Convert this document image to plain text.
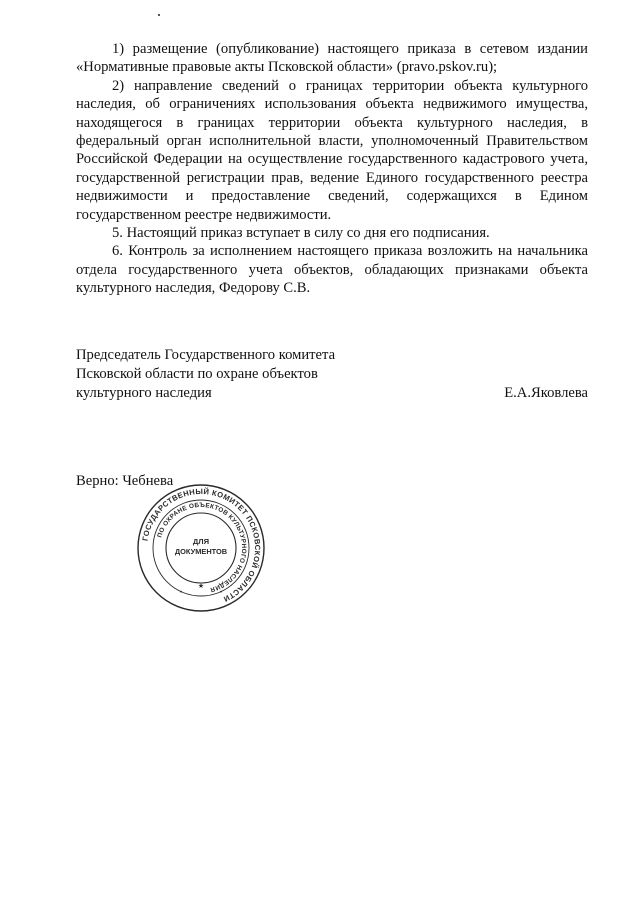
1) размещение (опубликование) настоящего приказа в сетевом издании «Нормативные правовые акты Псковской области» (pravo.pskov.ru);

2) направление сведений о границах территории объекта культурного наследия, об ограничениях использования объекта недвижимого имущества, находящегося в границах территории объекта культурного наследия, в федеральный орган исполнительной власти, уполномоченный Правительством Российской Федерации на осуществление государственного кадастрового учета, государственной регистрации прав, ведение Единого государственного реестра недвижимости и предоставление сведений, содержащихся в Едином государственном реестре недвижимости.

5. Настоящий приказ вступает в силу со дня его подписания.

6. Контроль за исполнением настоящего приказа возложить на начальника отдела государственного учета объектов, обладающих признаками объекта культурного наследия, Федорову С.В.

Председатель Государственного комитета
Псковской области по охране объектов
культурного наследия	Е.А.Яковлева
Верно: Чебнева
ГОСУДАРСТВЕННЫЙ КОМИТЕТ ПСКОВСКОЙ ОБЛАСТИ
ПО ОХРАНЕ ОБЪЕКТОВ КУЛЬТУРНОГО НАСЛЕДИЯ
ДЛЯ
ДОКУМЕНТОВ
★
•	•
